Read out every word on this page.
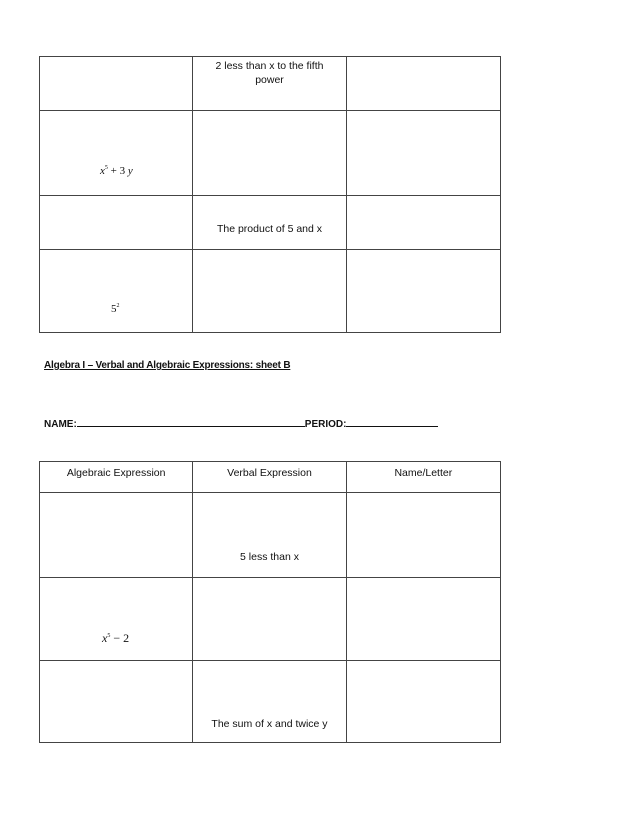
	2 less than x to the fifth power	

$x^5 + 3$ y		

	The product of 5 and x	

$5^2$

Algebra I – Verbal and Algebraic Expressions: sheet B
NAME:	PERIOD:
Algebraic Expression	Verbal Expression	Name/Letter

	5 less than x	

$x^5 - 2$		

	The sum of x and twice y	
